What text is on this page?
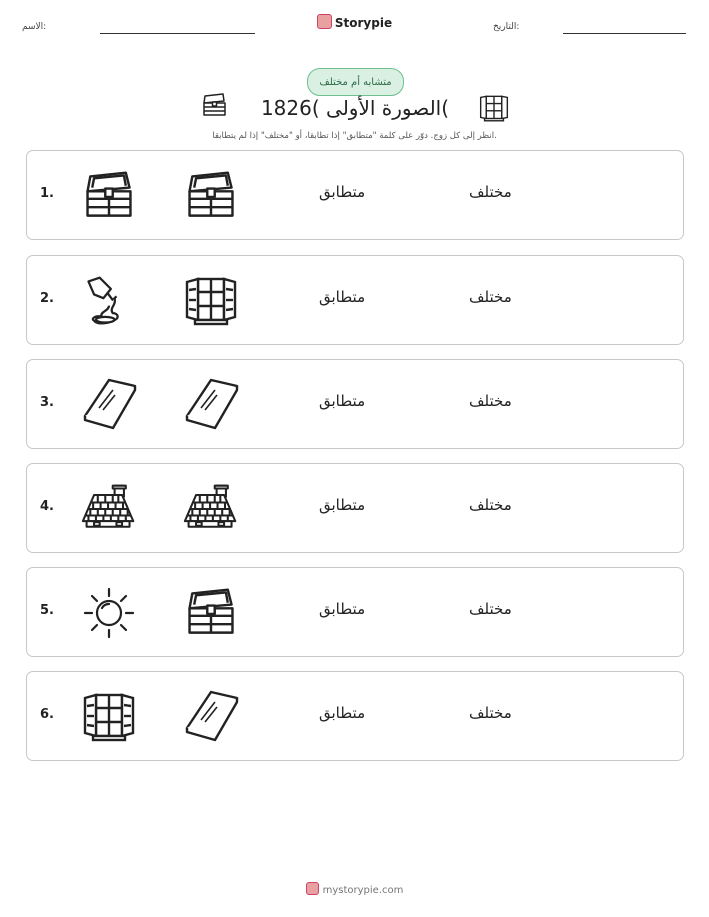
الاسم:	Storypie	التاريخ:
متشابه أم مختلف
الصورة الأولى )1826(
انظر إلى كل زوج. دوّر على كلمة "متطابق" إذا تطابقا، أو "مختلف" إذا لم يتطابقا.
1.	متطابق	مختلف
2.	متطابق	مختلف
3.	متطابق	مختلف
4.	متطابق	مختلف
5.	متطابق	مختلف
6.	متطابق	مختلف
mystorypie.com
